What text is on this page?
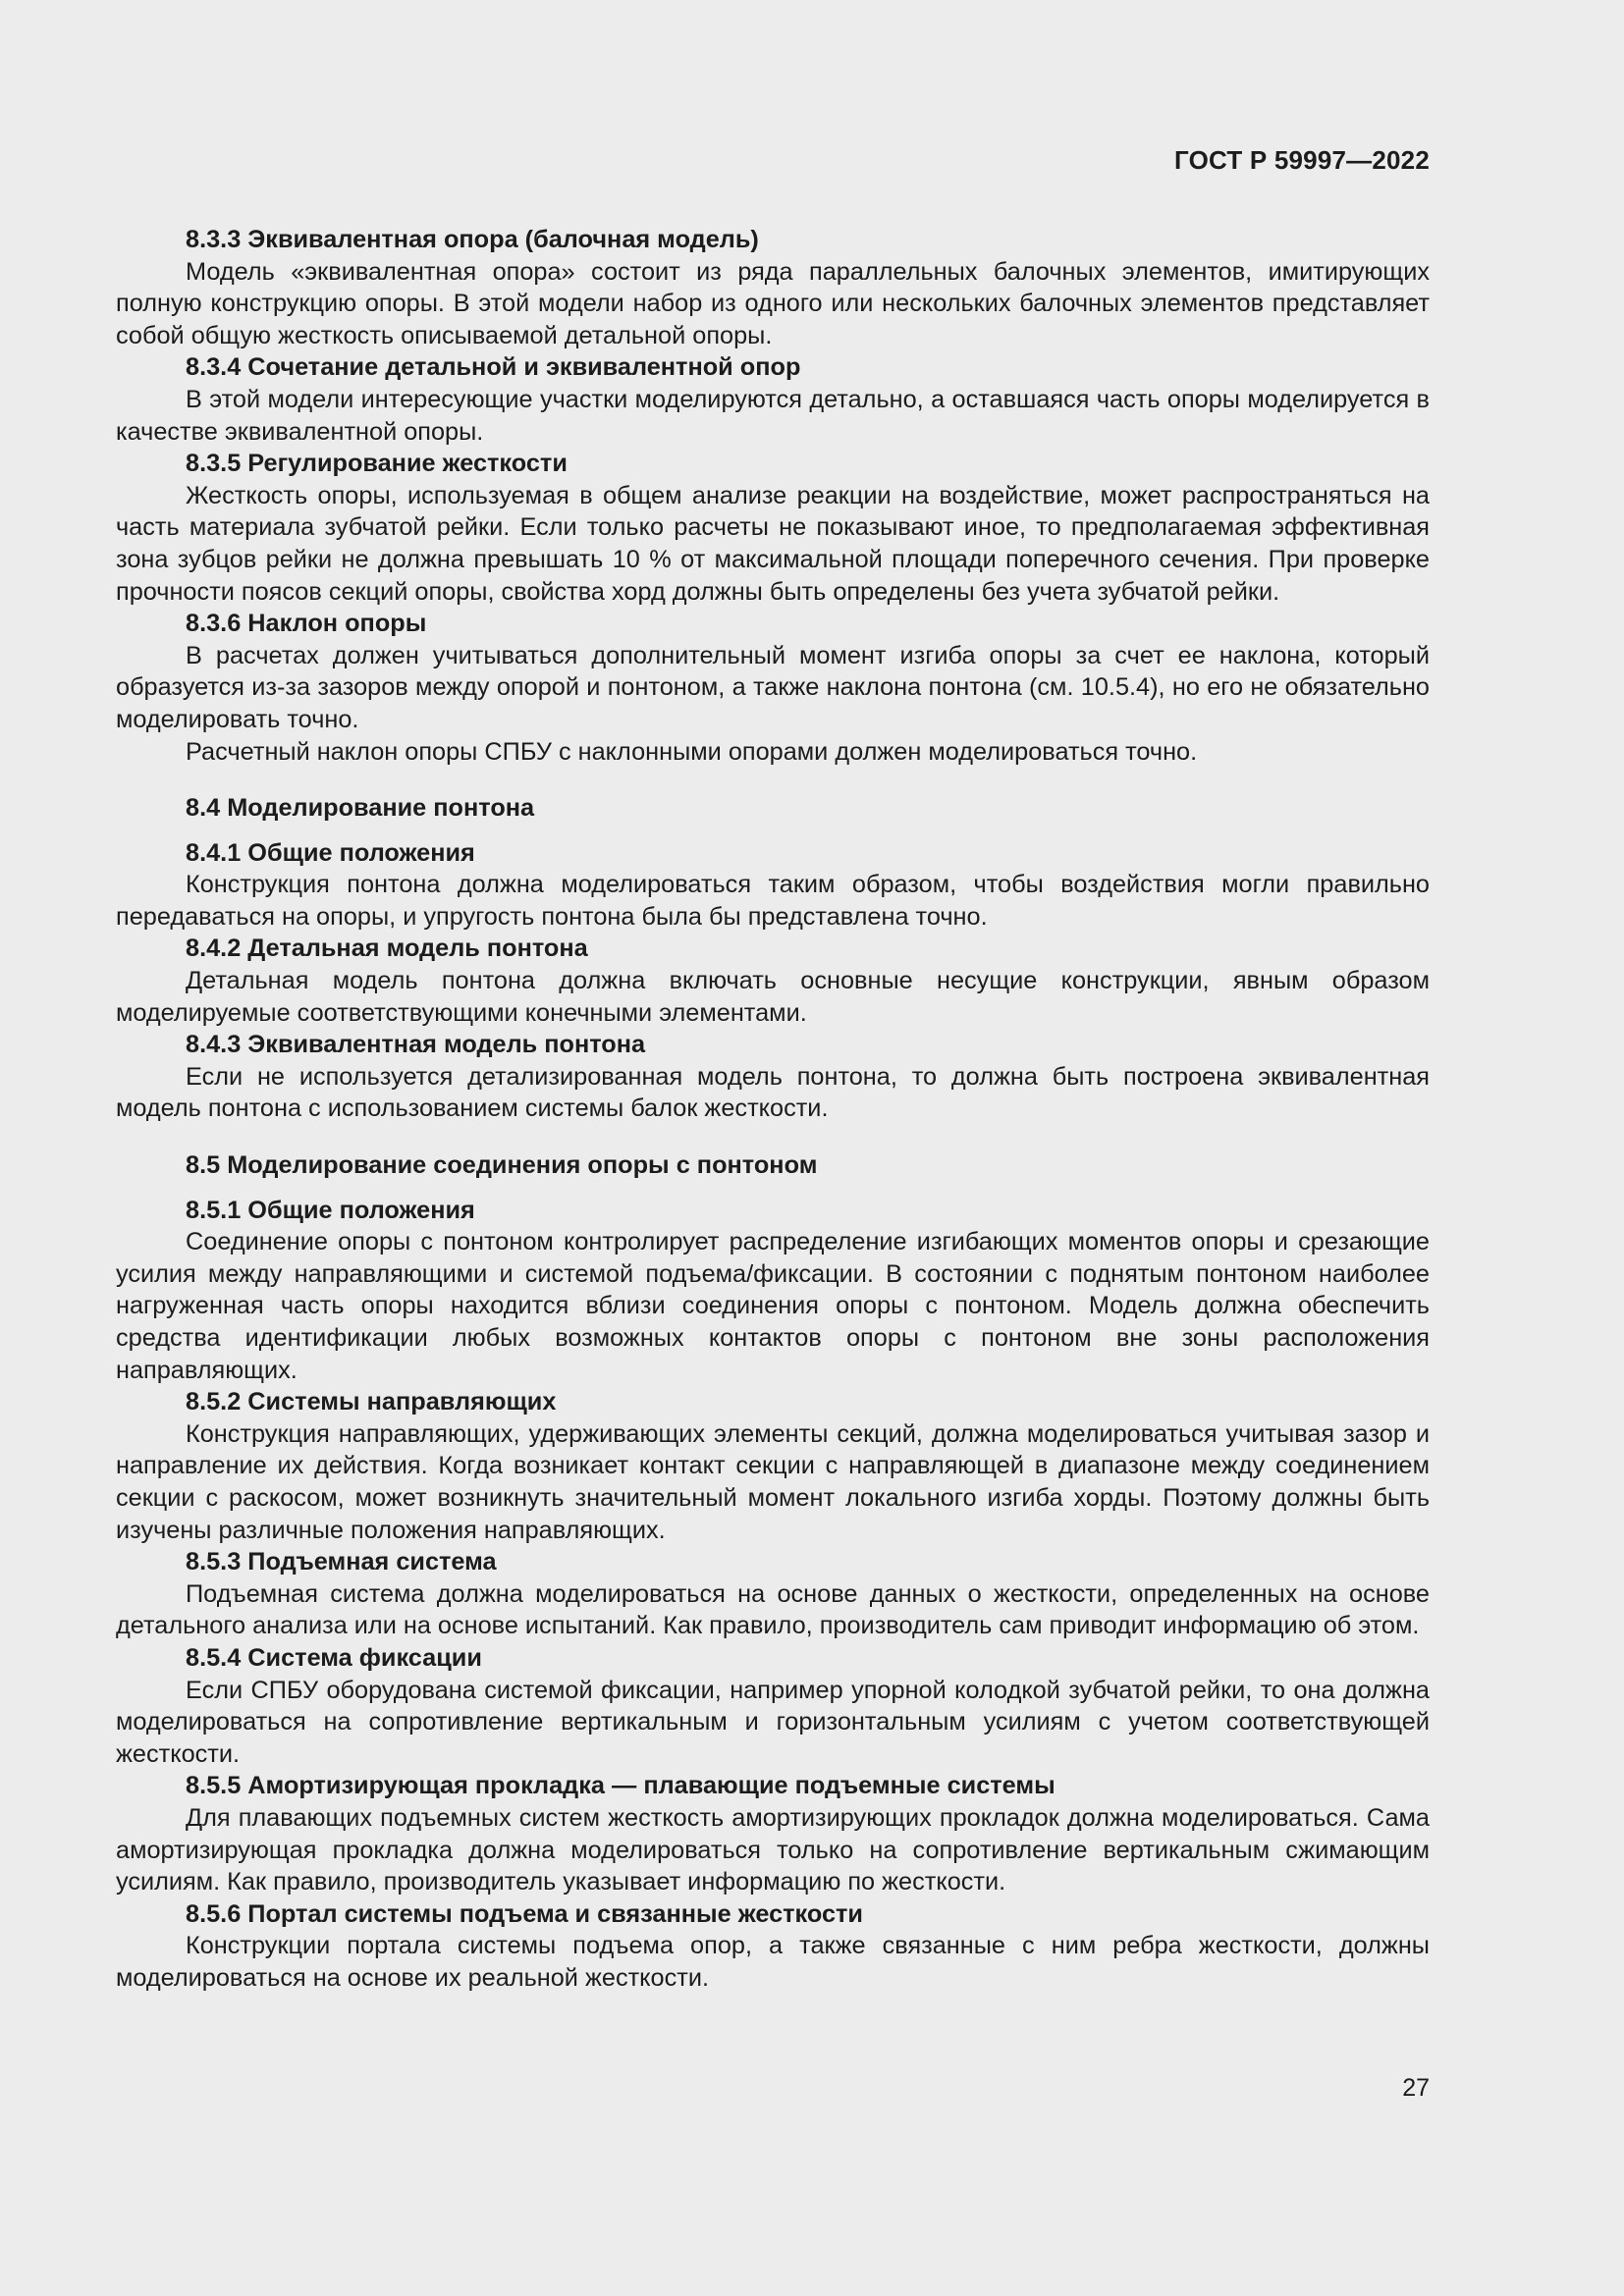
ГОСТ Р 59997—2022
8.3.3 Эквивалентная опора (балочная модель)
Модель «эквивалентная опора» состоит из ряда параллельных балочных элементов, имитирующих полную конструкцию опоры. В этой модели набор из одного или нескольких балочных элементов представляет собой общую жесткость описываемой детальной опоры.
8.3.4 Сочетание детальной и эквивалентной опор
В этой модели интересующие участки моделируются детально, а оставшаяся часть опоры моделируется в качестве эквивалентной опоры.
8.3.5 Регулирование жесткости
Жесткость опоры, используемая в общем анализе реакции на воздействие, может распространяться на часть материала зубчатой рейки. Если только расчеты не показывают иное, то предполагаемая эффективная зона зубцов рейки не должна превышать 10 % от максимальной площади поперечного сечения. При проверке прочности поясов секций опоры, свойства хорд должны быть определены без учета зубчатой рейки.
8.3.6 Наклон опоры
В расчетах должен учитываться дополнительный момент изгиба опоры за счет ее наклона, который образуется из-за зазоров между опорой и понтоном, а также наклона понтона (см. 10.5.4), но его не обязательно моделировать точно.
Расчетный наклон опоры СПБУ с наклонными опорами должен моделироваться точно.
8.4 Моделирование понтона
8.4.1 Общие положения
Конструкция понтона должна моделироваться таким образом, чтобы воздействия могли правильно передаваться на опоры, и упругость понтона была бы представлена точно.
8.4.2 Детальная модель понтона
Детальная модель понтона должна включать основные несущие конструкции, явным образом моделируемые соответствующими конечными элементами.
8.4.3 Эквивалентная модель понтона
Если не используется детализированная модель понтона, то должна быть построена эквивалентная модель понтона с использованием системы балок жесткости.
8.5 Моделирование соединения опоры с понтоном
8.5.1 Общие положения
Соединение опоры с понтоном контролирует распределение изгибающих моментов опоры и срезающие усилия между направляющими и системой подъема/фиксации. В состоянии с поднятым понтоном наиболее нагруженная часть опоры находится вблизи соединения опоры с понтоном. Модель должна обеспечить средства идентификации любых возможных контактов опоры с понтоном вне зоны расположения направляющих.
8.5.2 Системы направляющих
Конструкция направляющих, удерживающих элементы секций, должна моделироваться учитывая зазор и направление их действия. Когда возникает контакт секции с направляющей в диапазоне между соединением секции с раскосом, может возникнуть значительный момент локального изгиба хорды. Поэтому должны быть изучены различные положения направляющих.
8.5.3 Подъемная система
Подъемная система должна моделироваться на основе данных о жесткости, определенных на основе детального анализа или на основе испытаний. Как правило, производитель сам приводит информацию об этом.
8.5.4 Система фиксации
Если СПБУ оборудована системой фиксации, например упорной колодкой зубчатой рейки, то она должна моделироваться на сопротивление вертикальным и горизонтальным усилиям с учетом соответствующей жесткости.
8.5.5 Амортизирующая прокладка — плавающие подъемные системы
Для плавающих подъемных систем жесткость амортизирующих прокладок должна моделироваться. Сама амортизирующая прокладка должна моделироваться только на сопротивление вертикальным сжимающим усилиям. Как правило, производитель указывает информацию по жесткости.
8.5.6 Портал системы подъема и связанные жесткости
Конструкции портала системы подъема опор, а также связанные с ним ребра жесткости, должны моделироваться на основе их реальной жесткости.
27
